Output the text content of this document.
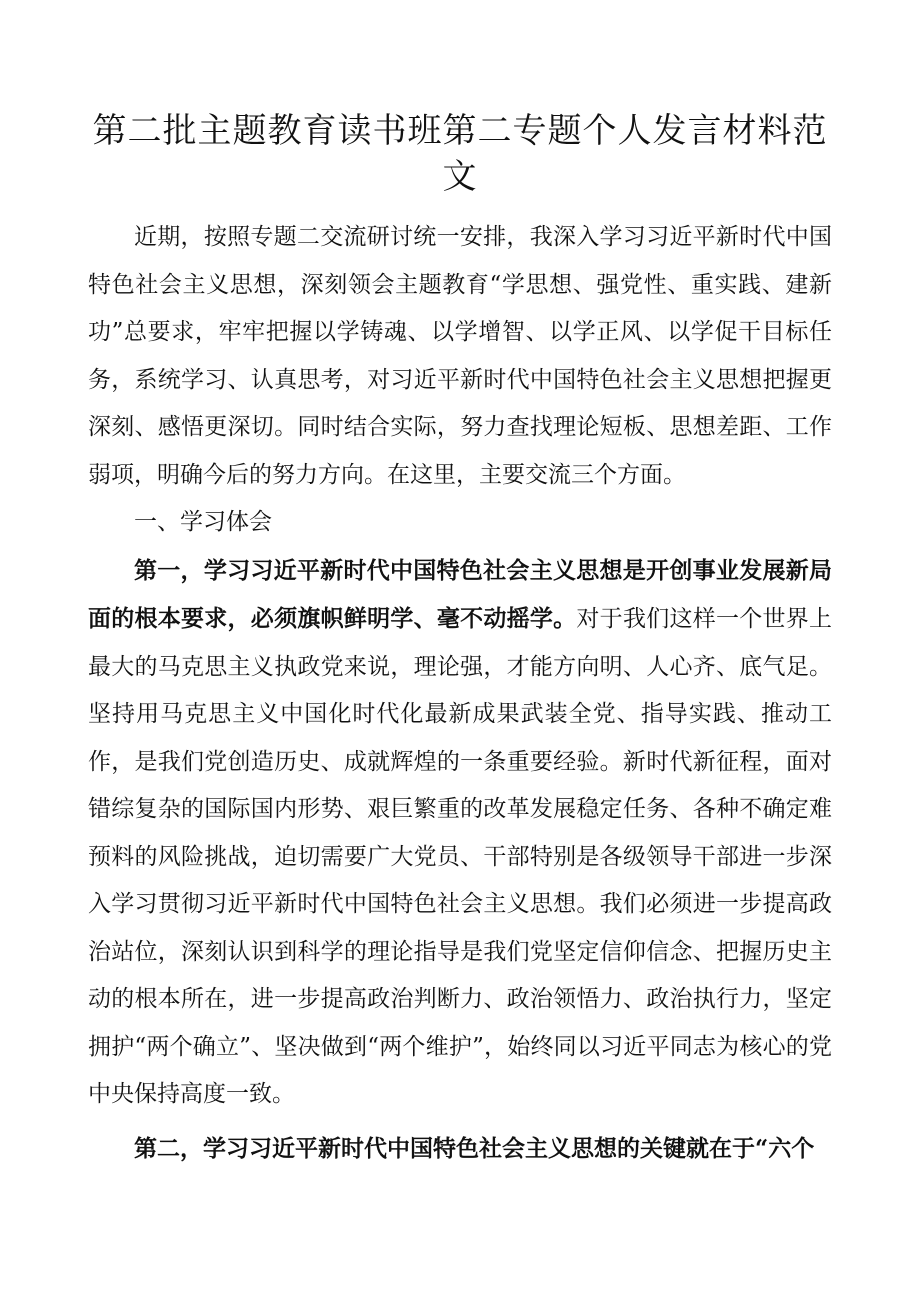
第二批主题教育读书班第二专题个人发言材料范文

近期，按照专题二交流研讨统一安排，我深入学习习近平新时代中国特色社会主义思想，深刻领会主题教育“学思想、强党性、重实践、建新功”总要求，牢牢把握以学铸魂、以学增智、以学正风、以学促干目标任务，系统学习、认真思考，对习近平新时代中国特色社会主义思想把握更深刻、感悟更深切。同时结合实际，努力查找理论短板、思想差距、工作弱项，明确今后的努力方向。在这里，主要交流三个方面。

一、学习体会

第一，学习习近平新时代中国特色社会主义思想是开创事业发展新局面的根本要求，必须旗帜鲜明学、毫不动摇学。对于我们这样一个世界上最大的马克思主义执政党来说，理论强，才能方向明、人心齐、底气足。坚持用马克思主义中国化时代化最新成果武装全党、指导实践、推动工作，是我们党创造历史、成就辉煌的一条重要经验。新时代新征程，面对错综复杂的国际国内形势、艰巨繁重的改革发展稳定任务、各种不确定难预料的风险挑战，迫切需要广大党员、干部特别是各级领导干部进一步深入学习贯彻习近平新时代中国特色社会主义思想。我们必须进一步提高政治站位，深刻认识到科学的理论指导是我们党坚定信仰信念、把握历史主动的根本所在，进一步提高政治判断力、政治领悟力、政治执行力，坚定拥护“两个确立”、坚决做到“两个维护”，始终同以习近平同志为核心的党中央保持高度一致。

第二，学习习近平新时代中国特色社会主义思想的关键就在于“六个
